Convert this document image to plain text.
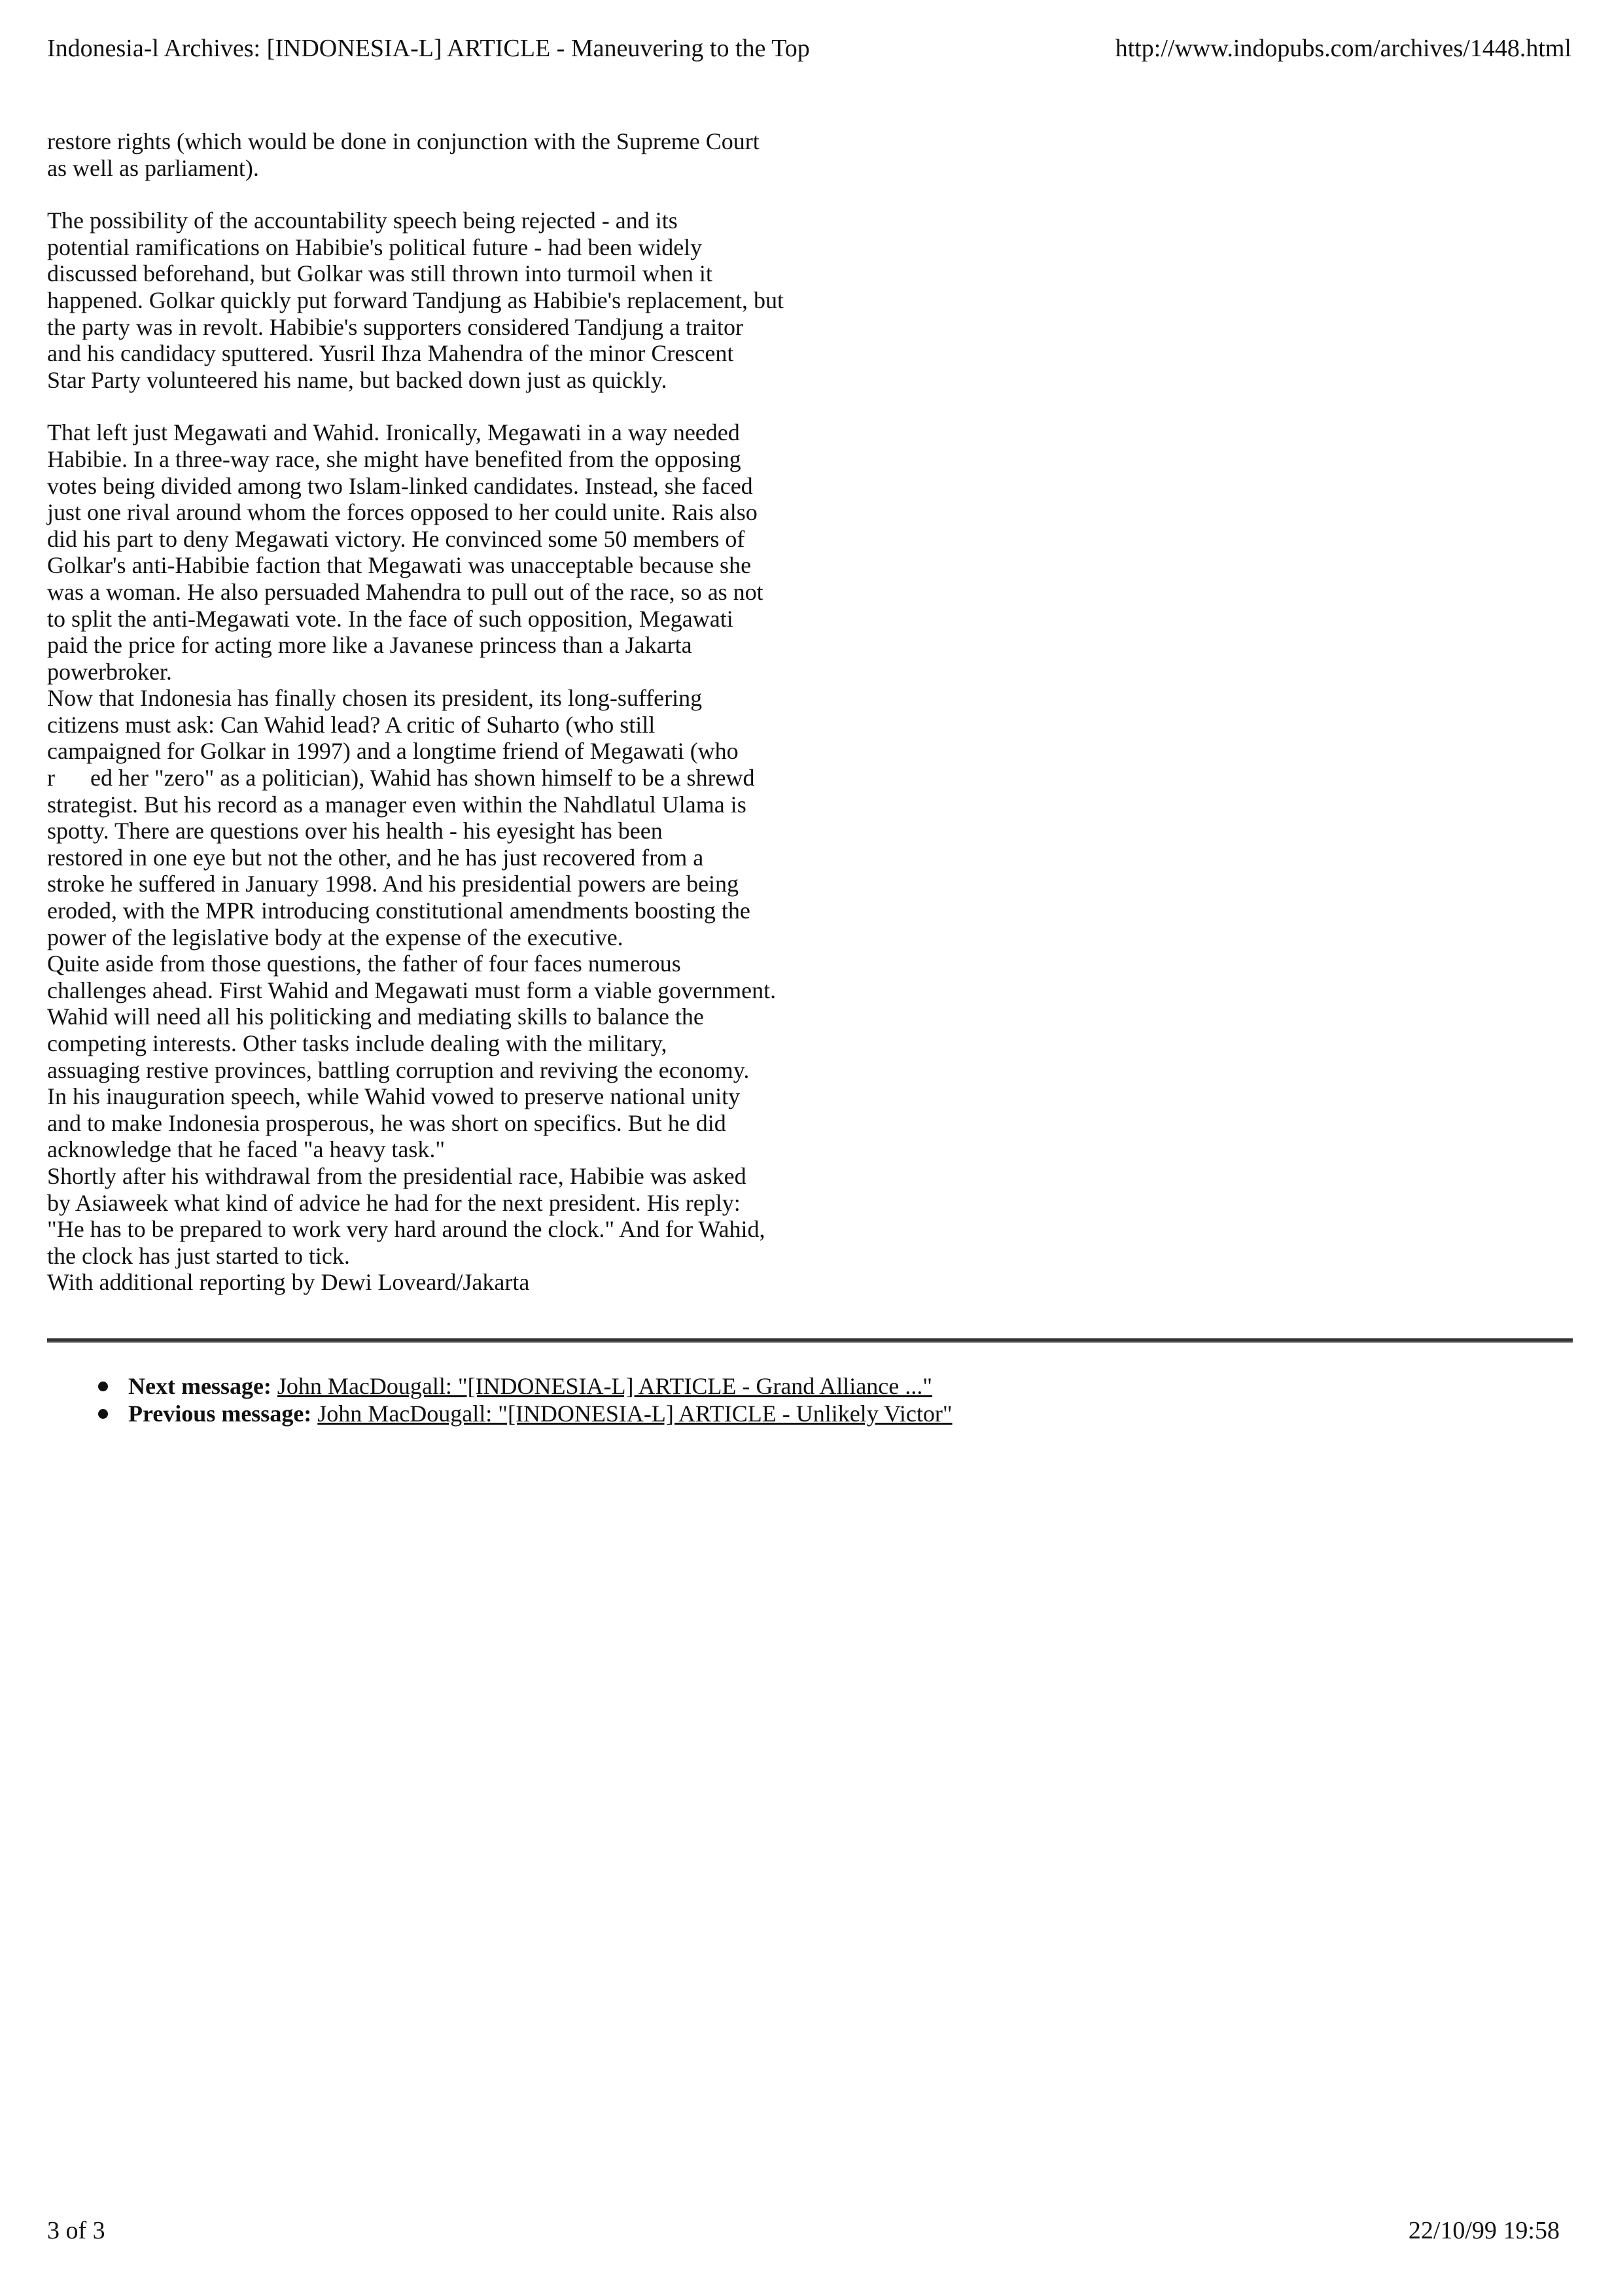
Indonesia-l Archives: [INDONESIA-L] ARTICLE - Maneuvering to the Top	http://www.indopubs.com/archives/1448.html

restore rights (which would be done in conjunction with the Supreme Court

as well as parliament).

The possibility of the accountability speech being rejected - and its

potential ramifications on Habibie's political future - had been widely

discussed beforehand, but Golkar was still thrown into turmoil when it

happened. Golkar quickly put forward Tandjung as Habibie's replacement, but

the party was in revolt. Habibie's supporters considered Tandjung a traitor

and his candidacy sputtered. Yusril Ihza Mahendra of the minor Crescent

Star Party volunteered his name, but backed down just as quickly.

That left just Megawati and Wahid. Ironically, Megawati in a way needed

Habibie. In a three-way race, she might have benefited from the opposing

votes being divided among two Islam-linked candidates. Instead, she faced

just one rival around whom the forces opposed to her could unite. Rais also

did his part to deny Megawati victory. He convinced some 50 members of

Golkar's anti-Habibie faction that Megawati was unacceptable because she

was a woman. He also persuaded Mahendra to pull out of the race, so as not

to split the anti-Megawati vote. In the face of such opposition, Megawati

paid the price for acting more like a Javanese princess than a Jakarta

powerbroker.

Now that Indonesia has finally chosen its president, its long-suffering

citizens must ask: Can Wahid lead? A critic of Suharto (who still

campaigned for Golkar in 1997) and a longtime friend of Megawati (who

r      ed her "zero" as a politician), Wahid has shown himself to be a shrewd

strategist. But his record as a manager even within the Nahdlatul Ulama is

spotty. There are questions over his health - his eyesight has been

restored in one eye but not the other, and he has just recovered from a

stroke he suffered in January 1998. And his presidential powers are being

eroded, with the MPR introducing constitutional amendments boosting the

power of the legislative body at the expense of the executive.

Quite aside from those questions, the father of four faces numerous

challenges ahead. First Wahid and Megawati must form a viable government.

Wahid will need all his politicking and mediating skills to balance the

competing interests. Other tasks include dealing with the military,

assuaging restive provinces, battling corruption and reviving the economy.

In his inauguration speech, while Wahid vowed to preserve national unity

and to make Indonesia prosperous, he was short on specifics. But he did

acknowledge that he faced "a heavy task."

Shortly after his withdrawal from the presidential race, Habibie was asked

by Asiaweek what kind of advice he had for the next president. His reply:

"He has to be prepared to work very hard around the clock." And for Wahid,

the clock has just started to tick.

With additional reporting by Dewi Loveard/Jakarta

Next message: John MacDougall: "[INDONESIA-L] ARTICLE - Grand Alliance ..."
Previous message: John MacDougall: "[INDONESIA-L] ARTICLE - Unlikely Victor"
3 of 3	22/10/99 19:58
